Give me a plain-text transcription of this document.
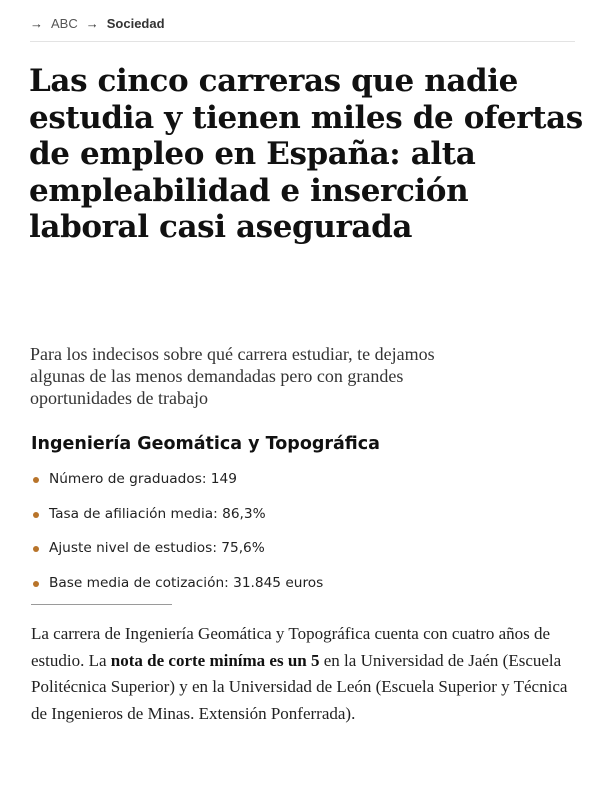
→ ABC → Sociedad
Las cinco carreras que nadie estudia y tienen miles de ofertas de empleo en España: alta empleabilidad e inserción laboral casi asegurada

Para los indecisos sobre qué carrera estudiar, te dejamos algunas de las menos demandadas pero con grandes oportunidades de trabajo

Ingeniería Geomática y Topográfica
Número de graduados: 149
Tasa de afiliación media: 86,3%
Ajuste nivel de estudios: 75,6%
Base media de cotización: 31.845 euros

La carrera de Ingeniería Geomática y Topográfica cuenta con cuatro años de estudio. La nota de corte miníma es un 5 en la Universidad de Jaén (Escuela Politécnica Superior) y en la Universidad de León (Escuela Superior y Técnica de Ingenieros de Minas. Extensión Ponferrada).
